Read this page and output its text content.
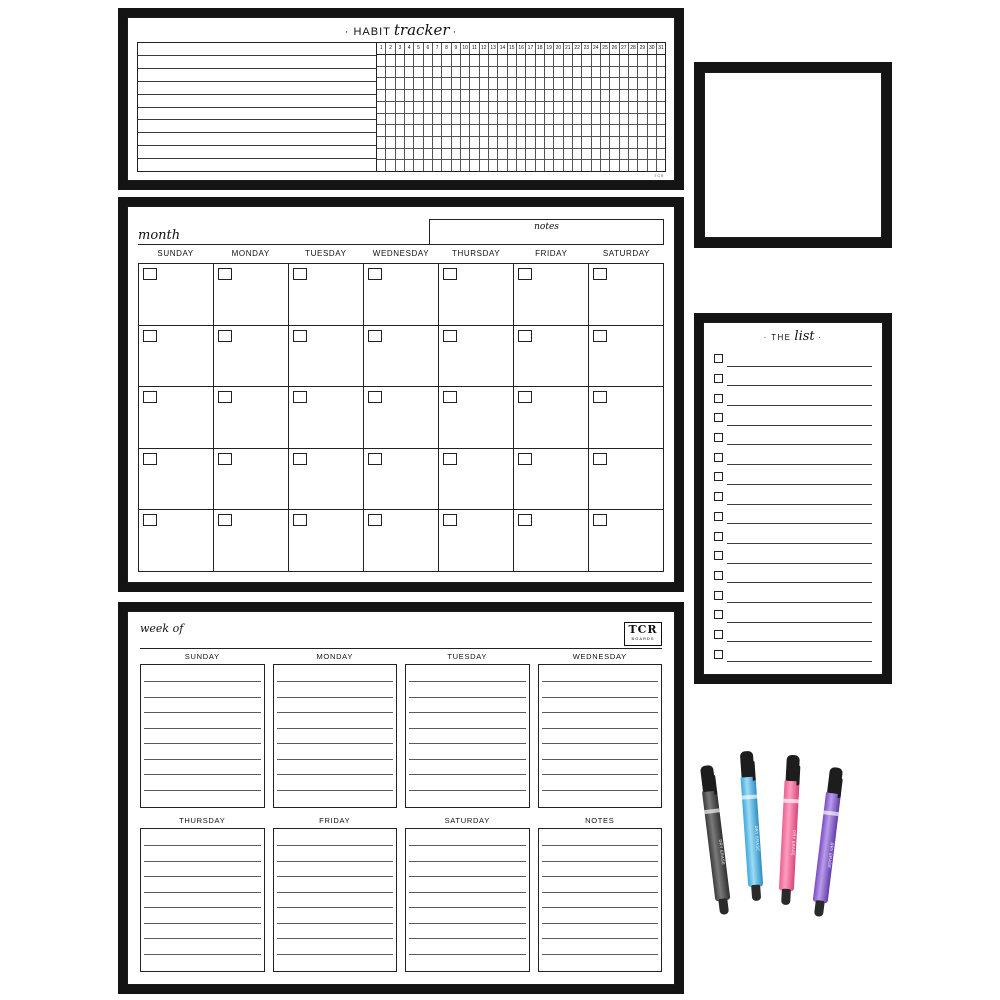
· HABIT tracker ·
1	2	3	4	5	6	7	8	9	10 11 12 13 14 15 16 17 18 19 20 21 22 23 24 25 26 27 28 29 30 31
TCR
month
notes
SUNDAY	MONDAY	TUESDAY	WEDNESDAY	THURSDAY	FRIDAY	SATURDAY
week of	TCR
BOARDS
SUNDAY	MONDAY	TUESDAY	WEDNESDAY
THURSDAY	FRIDAY	SATURDAY	NOTES
· THE list ·
DRY ERASE
DRY ERASE	DRY ERASE	DRY ERASE
